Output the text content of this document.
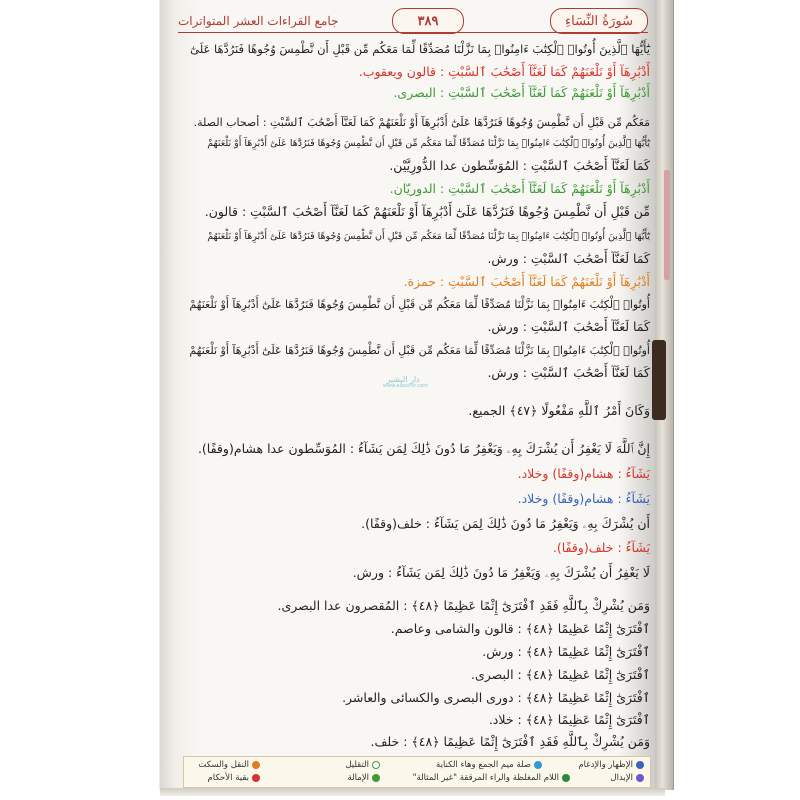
سُورَةُ النِّسَاءِ
٣٨٩
جامع القراءات العشر المتواترات
يَٰٓأَيُّهَا ٱلَّذِينَ أُوتُوا۟ ٱلْكِتَٰبَ ءَامِنُوا۟ بِمَا نَزَّلْنَا مُصَدِّقًا لِّمَا مَعَكُم مِّن قَبْلِ أَن نَّطْمِسَ وُجُوهًا فَنَرُدَّهَا عَلَىٰٓ
أَدْبَٰرِهَآ أَوْ نَلْعَنَهُمْ كَمَا لَعَنَّآ أَصْحَٰبَ ٱلسَّبْتِ : قالون ويعقوب.
أَدْبَٰرِهَآ أَوْ نَلْعَنَهُمْ كَمَا لَعَنَّآ أَصْحَٰبَ ٱلسَّبْتِ : البصرى.
مَعَكُم مِّن قَبْلِ أَن نَّطْمِسَ وُجُوهًا فَنَرُدَّهَا عَلَىٰٓ أَدْبَٰرِهَآ أَوْ نَلْعَنَهُمْ كَمَا لَعَنَّآ أَصْحَٰبَ ٱلسَّبْتِ : أصحاب الصلة.
يَٰٓأَيُّهَا ٱلَّذِينَ أُوتُوا۟ ٱلْكِتَٰبَ ءَامِنُوا۟ بِمَا نَزَّلْنَا مُصَدِّقًا لِّمَا مَعَكُم مِّن قَبْلِ أَن نَّطْمِسَ وُجُوهًا فَنَرُدَّهَا عَلَىٰٓ أَدْبَٰرِهَآ أَوْ نَلْعَنَهُمْ
كَمَا لَعَنَّآ أَصْحَٰبَ ٱلسَّبْتِ : المُوَسِّطون عدا الدُّورِيَّيْن.
أَدْبَٰرِهَآ أَوْ نَلْعَنَهُمْ كَمَا لَعَنَّآ أَصْحَٰبَ ٱلسَّبْتِ : الدوريّان.
مِّن قَبْلِ أَن نَّطْمِسَ وُجُوهًا فَنَرُدَّهَا عَلَىٰٓ أَدْبَٰرِهَآ أَوْ نَلْعَنَهُمْ كَمَا لَعَنَّآ أَصْحَٰبَ ٱلسَّبْتِ : قالون.
يَٰٓأَيُّهَا ٱلَّذِينَ أُوتُوا۟ ٱلْكِتَٰبَ ءَامِنُوا۟ بِمَا نَزَّلْنَا مُصَدِّقًا لِّمَا مَعَكُم مِّن قَبْلِ أَن نَّطْمِسَ وُجُوهًا فَنَرُدَّهَا عَلَىٰٓ أَدْبَٰرِهَآ أَوْ نَلْعَنَهُمْ
كَمَا لَعَنَّآ أَصْحَٰبَ ٱلسَّبْتِ : ورش.
أَدْبَٰرِهَآ أَوْ نَلْعَنَهُمْ كَمَا لَعَنَّآ أَصْحَٰبَ ٱلسَّبْتِ : حمزة.
أُوتُوا۟ ٱلْكِتَٰبَ ءَامِنُوا۟ بِمَا نَزَّلْنَا مُصَدِّقًا لِّمَا مَعَكُم مِّن قَبْلِ أَن نَّطْمِسَ وُجُوهًا فَنَرُدَّهَا عَلَىٰٓ أَدْبَٰرِهَآ أَوْ نَلْعَنَهُمْ
كَمَا لَعَنَّآ أَصْحَٰبَ ٱلسَّبْتِ : ورش.
أُوتُوا۟ ٱلْكِتَٰبَ ءَامِنُوا۟ بِمَا نَزَّلْنَا مُصَدِّقًا لِّمَا مَعَكُم مِّن قَبْلِ أَن نَّطْمِسَ وُجُوهًا فَنَرُدَّهَا عَلَىٰٓ أَدْبَٰرِهَآ أَوْ نَلْعَنَهُمْ
كَمَا لَعَنَّآ أَصْحَٰبَ ٱلسَّبْتِ : ورش.
دار البشير
www.albashir.com
وَكَانَ أَمْرُ ٱللَّهِ مَفْعُولًا ﴿٤٧﴾ الجميع.
إِنَّ ٱللَّهَ لَا يَغْفِرُ أَن يُشْرَكَ بِهِۦ وَيَغْفِرُ مَا دُونَ ذَٰلِكَ لِمَن يَشَآءُ : المُوَسِّطون عدا هشام(وقفًا).
يَشَآءُ : هشام(وقفًا) وخلاد.
يَشَآءُ : هشام(وقفًا) وخلاد.
أَن يُشْرَكَ بِهِۦ وَيَغْفِرُ مَا دُونَ ذَٰلِكَ لِمَن يَشَآءُ : خلف(وقفًا).
يَشَآءُ : خلف(وقفًا).
لَا يَغْفِرُ أَن يُشْرَكَ بِهِۦ وَيَغْفِرُ مَا دُونَ ذَٰلِكَ لِمَن يَشَآءُ : ورش.
وَمَن يُشْرِكْ بِٱللَّهِ فَقَدِ ٱفْتَرَىٰٓ إِثْمًا عَظِيمًا ﴿٤٨﴾ : المُقصرون عدا البصرى.
ٱفْتَرَىٰٓ إِثْمًا عَظِيمًا ﴿٤٨﴾ : قالون والشامى وعاصم.
ٱفْتَرَىٰٓ إِثْمًا عَظِيمًا ﴿٤٨﴾ : ورش.
ٱفْتَرَىٰٓ إِثْمًا عَظِيمًا ﴿٤٨﴾ : البصرى.
ٱفْتَرَىٰٓ إِثْمًا عَظِيمًا ﴿٤٨﴾ : دورى البصرى والكسائى والعاشر.
ٱفْتَرَىٰٓ إِثْمًا عَظِيمًا ﴿٤٨﴾ : خلاد.
وَمَن يُشْرِكْ بِٱللَّهِ فَقَدِ ٱفْتَرَىٰٓ إِثْمًا عَظِيمًا ﴿٤٨﴾ : خلف.
الإظهار والإدغام
صلة ميم الجمع وهاء الكناية
التقليل
النقل والسكت
الإبدال
اللام المغلظة والراء المرققة "غير المثالة"
الإمالة
بقية الأحكام
